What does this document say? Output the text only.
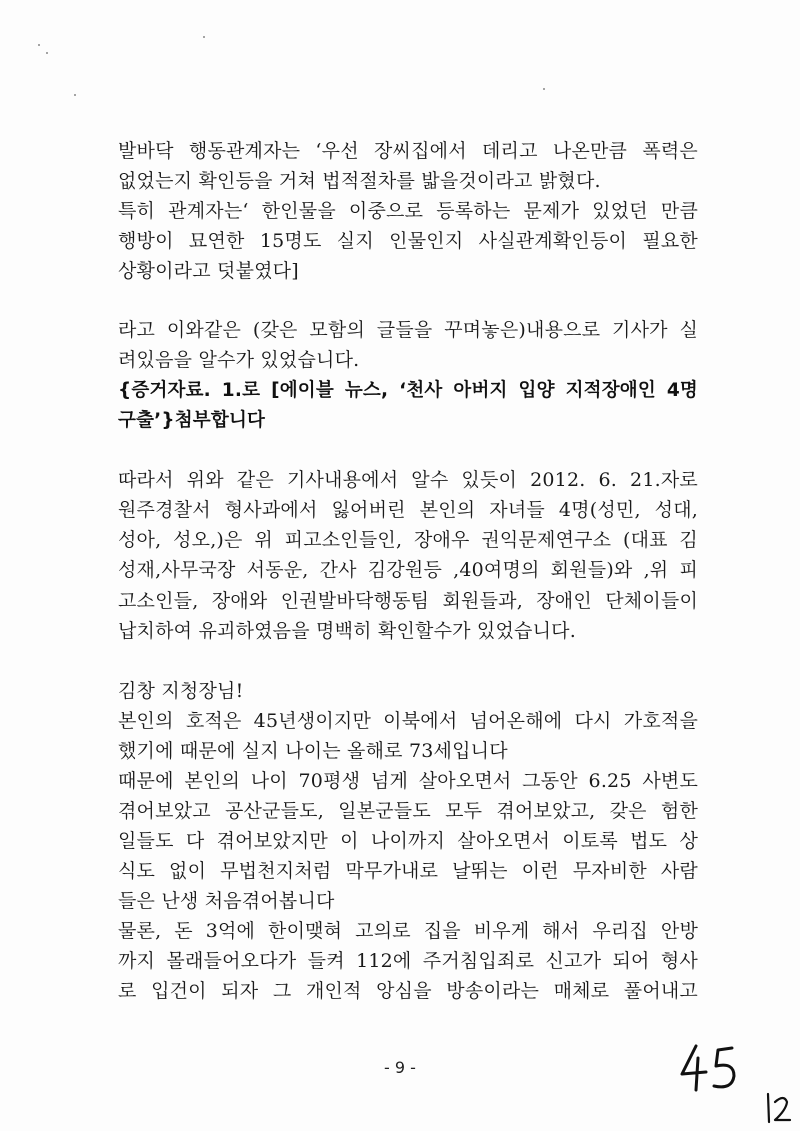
발바닥 행동관계자는 ‘우선 장씨집에서 데리고 나온만큼 폭력은
없었는지 확인등을 거쳐 법적절차를 밟을것이라고 밝혔다.
특히 관계자는‘ 한인물을 이중으로 등록하는 문제가 있었던 만큼
행방이 묘연한 15명도 실지 인물인지 사실관계확인등이 필요한
상황이라고 덧붙였다]
라고 이와같은 (갖은 모함의 글들을 꾸며놓은)내용으로 기사가 실
려있음을 알수가 있었습니다.
{증거자료. 1.로 [에이블 뉴스, ‘천사 아버지 입양 지적장애인 4명
구출’}첨부합니다
따라서 위와 같은 기사내용에서 알수 있듯이 2012. 6. 21.자로
원주경찰서 형사과에서 잃어버린 본인의 자녀들 4명(성민, 성대,
성아, 성오,)은 위 피고소인들인, 장애우 권익문제연구소 (대표 김
성재,사무국장 서동운, 간사 김강원등 ,40여명의 회원들)와 ,위 피
고소인들, 장애와 인권발바닥행동팀 회원들과, 장애인 단체이들이
납치하여 유괴하였음을 명백히 확인할수가 있었습니다.
김창 지청장님!
본인의 호적은 45년생이지만 이북에서 넘어온해에 다시 가호적을
했기에 때문에 실지 나이는 올해로 73세입니다
때문에 본인의 나이 70평생 넘게 살아오면서 그동안 6.25 사변도
겪어보았고 공산군들도, 일본군들도 모두 겪어보았고, 갖은 험한
일들도 다 겪어보았지만 이 나이까지 살아오면서 이토록 법도 상
식도 없이 무법천지처럼 막무가내로 날뛰는 이런 무자비한 사람
들은 난생 처음겪어봅니다
물론, 돈 3억에 한이맺혀 고의로 집을 비우게 해서 우리집 안방
까지 몰래들어오다가 들켜 112에 주거침입죄로 신고가 되어 형사
로 입건이 되자 그 개인적 앙심을 방송이라는 매체로 풀어내고
- 9 -
